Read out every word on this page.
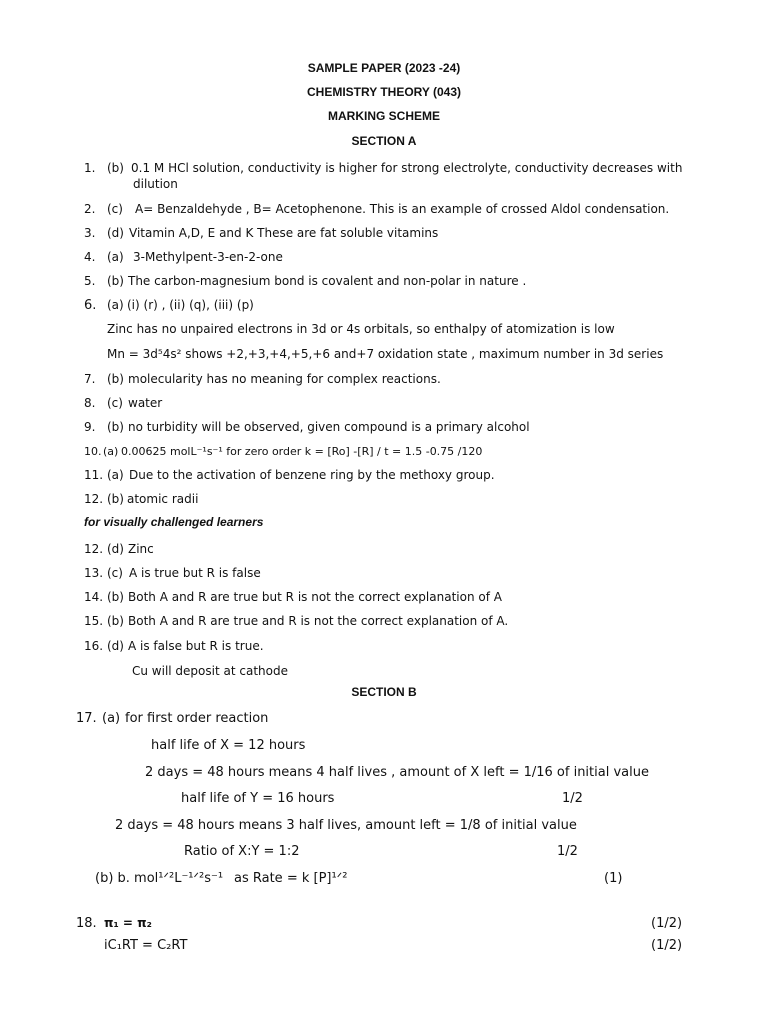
SAMPLE PAPER (2023 -24)
CHEMISTRY THEORY (043)
MARKING SCHEME
SECTION A
1. (b) 0.1 M HCl solution, conductivity is higher for strong electrolyte, conductivity decreases with
dilution
2. (c) A= Benzaldehyde , B= Acetophenone. This is an example of crossed Aldol condensation.
3. (d) Vitamin A,D, E and K These are fat soluble vitamins
4. (a) 3-Methylpent-3-en-2-one
5. (b) The carbon-magnesium bond is covalent and non-polar in nature .
6. (a) (i) (r) , (ii) (q), (iii) (p)
Zinc has no unpaired electrons in 3d or 4s orbitals, so enthalpy of atomization is low
Mn = 3d⁵4s² shows +2,+3,+4,+5,+6 and+7 oxidation state , maximum number in 3d series
7. (b) molecularity has no meaning for complex reactions.
8. (c) water
9. (b) no turbidity will be observed, given compound is a primary alcohol
10. (a) 0.00625 molL⁻¹s⁻¹ for zero order k = [Ro] -[R] / t = 1.5 -0.75 /120
11. (a) Due to the activation of benzene ring by the methoxy group.
12. (b) atomic radii
for visually challenged learners
12. (d) Zinc
13. (c) A is true but R is false
14. (b) Both A and R are true but R is not the correct explanation of A
15. (b) Both A and R are true and R is not the correct explanation of A.
16. (d) A is false but R is true.
Cu will deposit at cathode
SECTION B
17. (a) for first order reaction
half life of X = 12 hours
2 days = 48 hours means 4 half lives , amount of X left = 1/16 of initial value
half life of Y = 16 hours	1/2
2 days = 48 hours means 3 half lives, amount left = 1/8 of initial value
Ratio of X:Y = 1:2	1/2
(b) b. mol¹ᐟ²L⁻¹ᐟ²s⁻¹ as Rate = k [P]¹ᐟ²	(1)
18. π₁ = π₂	(1/2)
iC₁RT = C₂RT	(1/2)
